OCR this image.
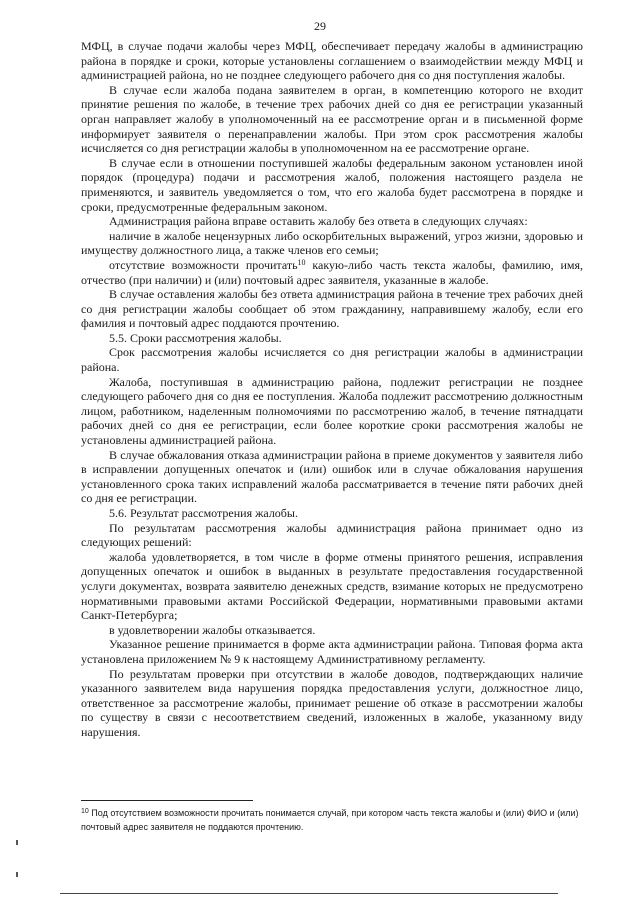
29

МФЦ, в случае подачи жалобы через МФЦ, обеспечивает передачу жалобы в администрацию района в порядке и сроки, которые установлены соглашением о взаимодействии между МФЦ и администрацией района, но не позднее следующего рабочего дня со дня поступления жалобы.

В случае если жалоба подана заявителем в орган, в компетенцию которого не входит принятие решения по жалобе, в течение трех рабочих дней со дня ее регистрации указанный орган направляет жалобу в уполномоченный на ее рассмотрение орган и в письменной форме информирует заявителя о перенаправлении жалобы. При этом срок рассмотрения жалобы исчисляется со дня регистрации жалобы в уполномоченном на ее рассмотрение органе.

В случае если в отношении поступившей жалобы федеральным законом установлен иной порядок (процедура) подачи и рассмотрения жалоб, положения настоящего раздела не применяются, и заявитель уведомляется о том, что его жалоба будет рассмотрена в порядке и сроки, предусмотренные федеральным законом.

Администрация района вправе оставить жалобу без ответа в следующих случаях:

наличие в жалобе нецензурных либо оскорбительных выражений, угроз жизни, здоровью и имуществу должностного лица, а также членов его семьи;

отсутствие возможности прочитать$^{10}$ какую-либо часть текста жалобы, фамилию, имя, отчество (при наличии) и (или) почтовый адрес заявителя, указанные в жалобе.

В случае оставления жалобы без ответа администрация района в течение трех рабочих дней со дня регистрации жалобы сообщает об этом гражданину, направившему жалобу, если его фамилия и почтовый адрес поддаются прочтению.

5.5. Сроки рассмотрения жалобы.

Срок рассмотрения жалобы исчисляется со дня регистрации жалобы в администрации района.

Жалоба, поступившая в администрацию района, подлежит регистрации не позднее следующего рабочего дня со дня ее поступления. Жалоба подлежит рассмотрению должностным лицом, работником, наделенным полномочиями по рассмотрению жалоб, в течение пятнадцати рабочих дней со дня ее регистрации, если более короткие сроки рассмотрения жалобы не установлены администрацией района.

В случае обжалования отказа администрации района в приеме документов у заявителя либо в исправлении допущенных опечаток и (или) ошибок или в случае обжалования нарушения установленного срока таких исправлений жалоба рассматривается в течение пяти рабочих дней со дня ее регистрации.

5.6. Результат рассмотрения жалобы.

По результатам рассмотрения жалобы администрация района принимает одно из следующих решений:

жалоба удовлетворяется, в том числе в форме отмены принятого решения, исправления допущенных опечаток и ошибок в выданных в результате предоставления государственной услуги документах, возврата заявителю денежных средств, взимание которых не предусмотрено нормативными правовыми актами Российской Федерации, нормативными правовыми актами Санкт-Петербурга;

в удовлетворении жалобы отказывается.

Указанное решение принимается в форме акта администрации района. Типовая форма акта установлена приложением № 9 к настоящему Административному регламенту.

По результатам проверки при отсутствии в жалобе доводов, подтверждающих наличие указанного заявителем вида нарушения порядка предоставления услуги, должностное лицо, ответственное за рассмотрение жалобы, принимает решение об отказе в рассмотрении жалобы по существу в связи с несоответствием сведений, изложенных в жалобе, указанному виду нарушения.

$^{10}$ Под отсутствием возможности прочитать понимается случай, при котором часть текста жалобы и (или) ФИО и (или) почтовый адрес заявителя не поддаются прочтению.
